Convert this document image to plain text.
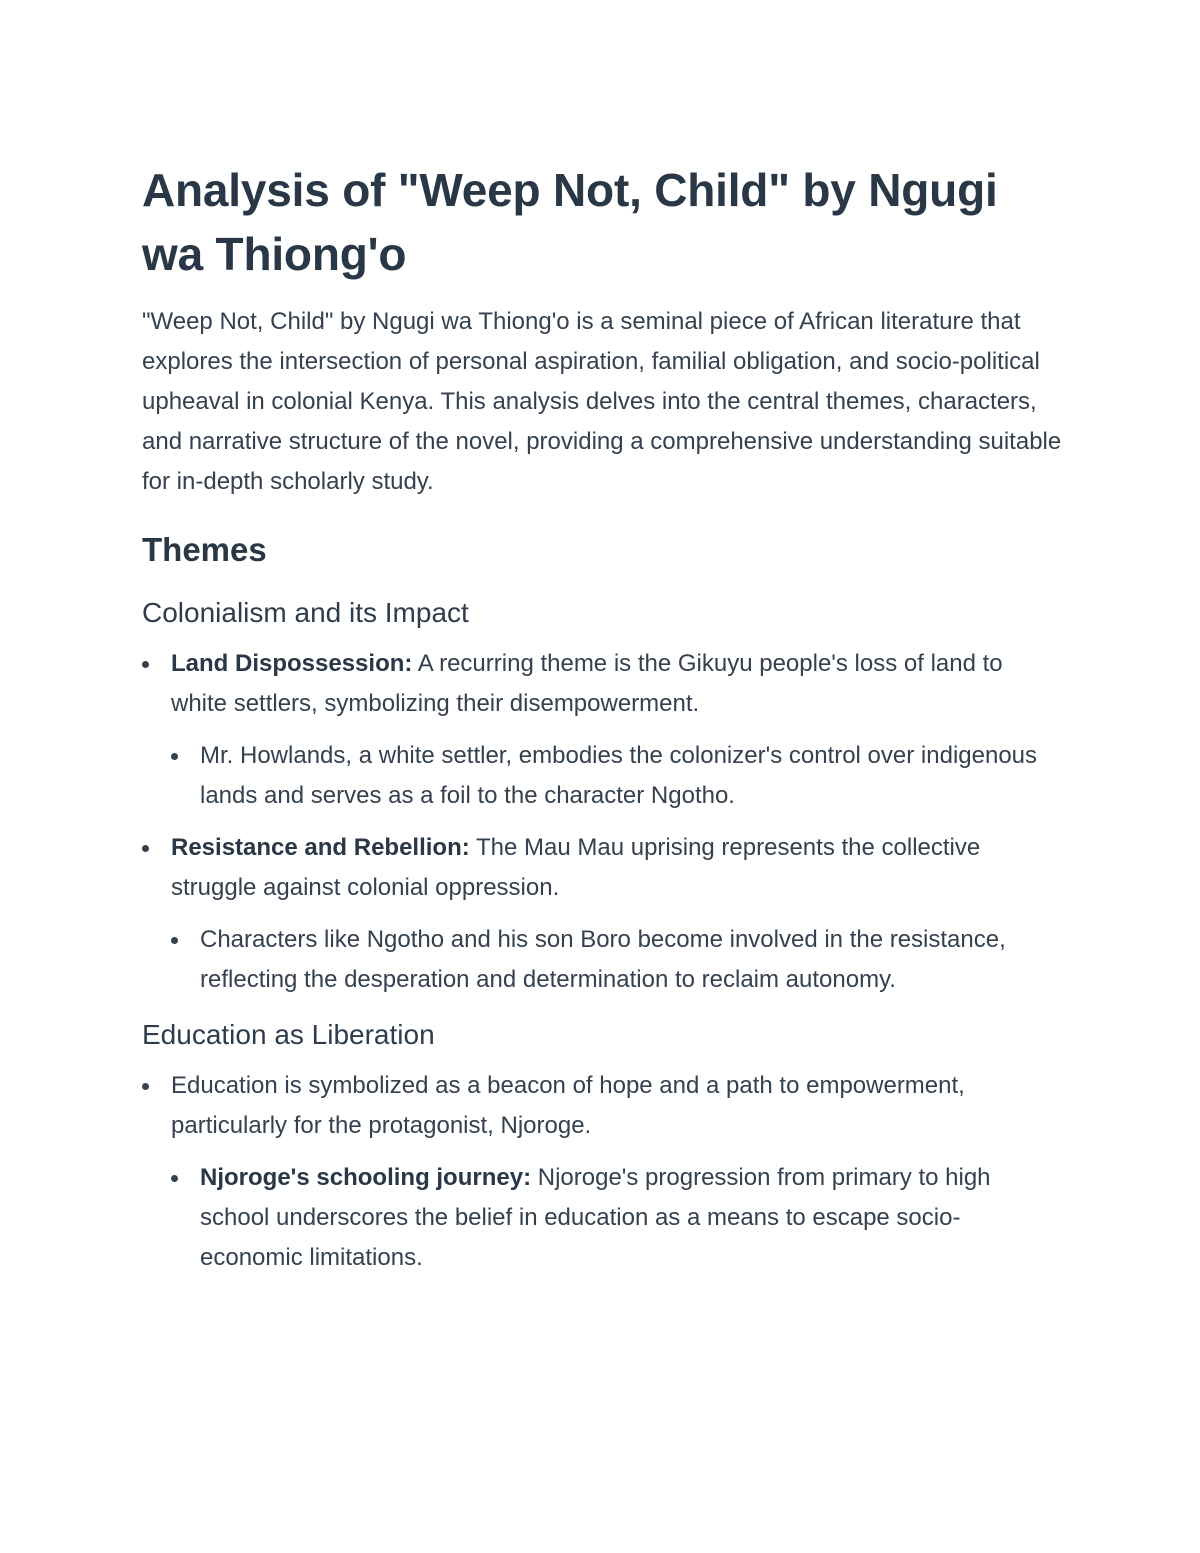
Analysis of "Weep Not, Child" by Ngugi wa Thiong'o

"Weep Not, Child" by Ngugi wa Thiong'o is a seminal piece of African literature that explores the intersection of personal aspiration, familial obligation, and socio-political upheaval in colonial Kenya. This analysis delves into the central themes, characters, and narrative structure of the novel, providing a comprehensive understanding suitable for in-depth scholarly study.

Themes
Colonialism and its Impact
Land Dispossession: A recurring theme is the Gikuyu people's loss of land to white settlers, symbolizing their disempowerment.
Mr. Howlands, a white settler, embodies the colonizer's control over indigenous lands and serves as a foil to the character Ngotho.
Resistance and Rebellion: The Mau Mau uprising represents the collective struggle against colonial oppression.
Characters like Ngotho and his son Boro become involved in the resistance, reflecting the desperation and determination to reclaim autonomy.
Education as Liberation
Education is symbolized as a beacon of hope and a path to empowerment, particularly for the protagonist, Njoroge.
Njoroge's schooling journey: Njoroge's progression from primary to high school underscores the belief in education as a means to escape socio-economic limitations.
